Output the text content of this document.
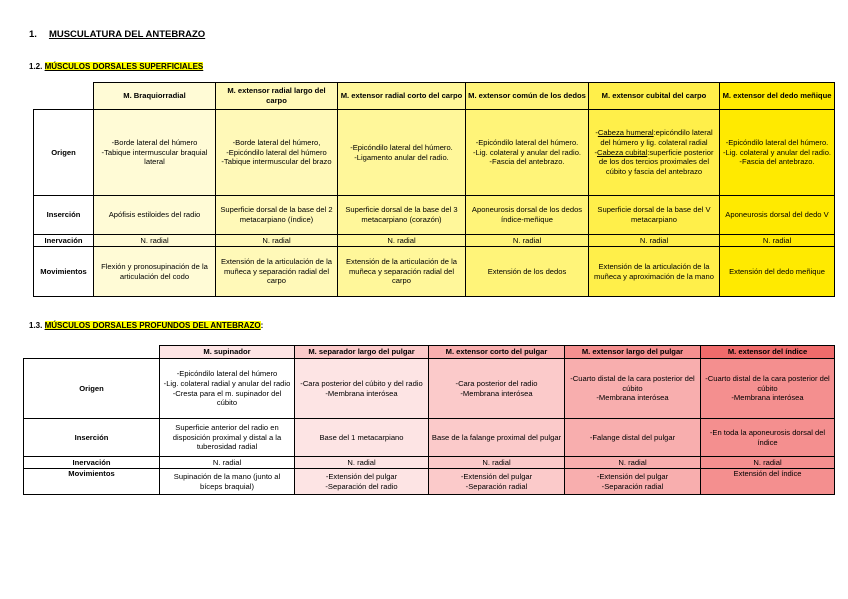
1. MUSCULATURA DEL ANTEBRAZO
1.2. MÚSCULOS DORSALES SUPERFICIALES
	M. Braquiorradial	M. extensor radial largo del carpo	M. extensor radial corto del carpo	M. extensor común de los dedos	M. extensor cubital del carpo	M. extensor del dedo meñique
Origen	-Borde lateral del húmero
-Tabique intermuscular braquial lateral	-Borde lateral del húmero,
-Epicóndilo lateral del húmero
-Tabique intermuscular del brazo	-Epicóndilo lateral del húmero.
-Ligamento anular del radio.	-Epicóndilo lateral del húmero.
-Lig. colateral y anular del radio.
-Fascia del antebrazo.	-Cabeza humeral:epicóndilo lateral del húmero y lig. colateral radial
-Cabeza cubital:superficie posterior de los dos tercios proximales del cúbito y fascia del antebrazo	-Epicóndilo lateral del húmero.
-Lig. colateral y anular del radio.
-Fascia del antebrazo.

Inserción	Apófisis estiloides del radio	Superficie dorsal de la base del 2 metacarpiano (índice)	Superficie dorsal de la base del 3 metacarpiano (corazón)	Aponeurosis dorsal de los dedos índice-meñique	Superficie dorsal de la base del V metacarpiano	Aponeurosis dorsal del dedo V
Inervación	N. radial	N. radial	N. radial	N. radial	N. radial	N. radial
Movimientos	Flexión y pronosupinación de la articulación del codo	Extensión de la articulación de la muñeca y separación radial del carpo	Extensión de la articulación de la muñeca y separación radial del carpo	Extensión de los dedos	Extensión de la articulación de la muñeca y aproximación de la mano	Extensión del dedo meñique
1.3. MÚSCULOS DORSALES PROFUNDOS DEL ANTEBRAZO:
	M. supinador	M. separador largo del pulgar	M. extensor corto del pulgar	M. extensor largo del pulgar	M. extensor del índice
Origen	-Epicóndilo lateral del húmero
-Lig. colateral radial y anular del radio
-Cresta para el m. supinador del cúbito	-Cara posterior del cúbito y del radio
-Membrana interósea	-Cara posterior del radio
-Membrana interósea	-Cuarto distal de la cara posterior del cúbito
-Membrana interósea	-Cuarto distal de la cara posterior del cúbito
-Membrana interósea

Inserción	Superficie anterior del radio en disposición proximal y distal a la tuberosidad radial	Base del 1 metacarpiano	Base de la falange proximal del pulgar	-Falange distal del pulgar	-En toda la aponeurosis dorsal del índice
Inervación	N. radial	N. radial	N. radial	N. radial	N. radial
Movimientos	Supinación de la mano (junto al bíceps braquial)	-Extensión del pulgar
-Separación del radio	-Extensión del pulgar
-Separación radial	-Extensión del pulgar
-Separación radial	Extensión del índice
